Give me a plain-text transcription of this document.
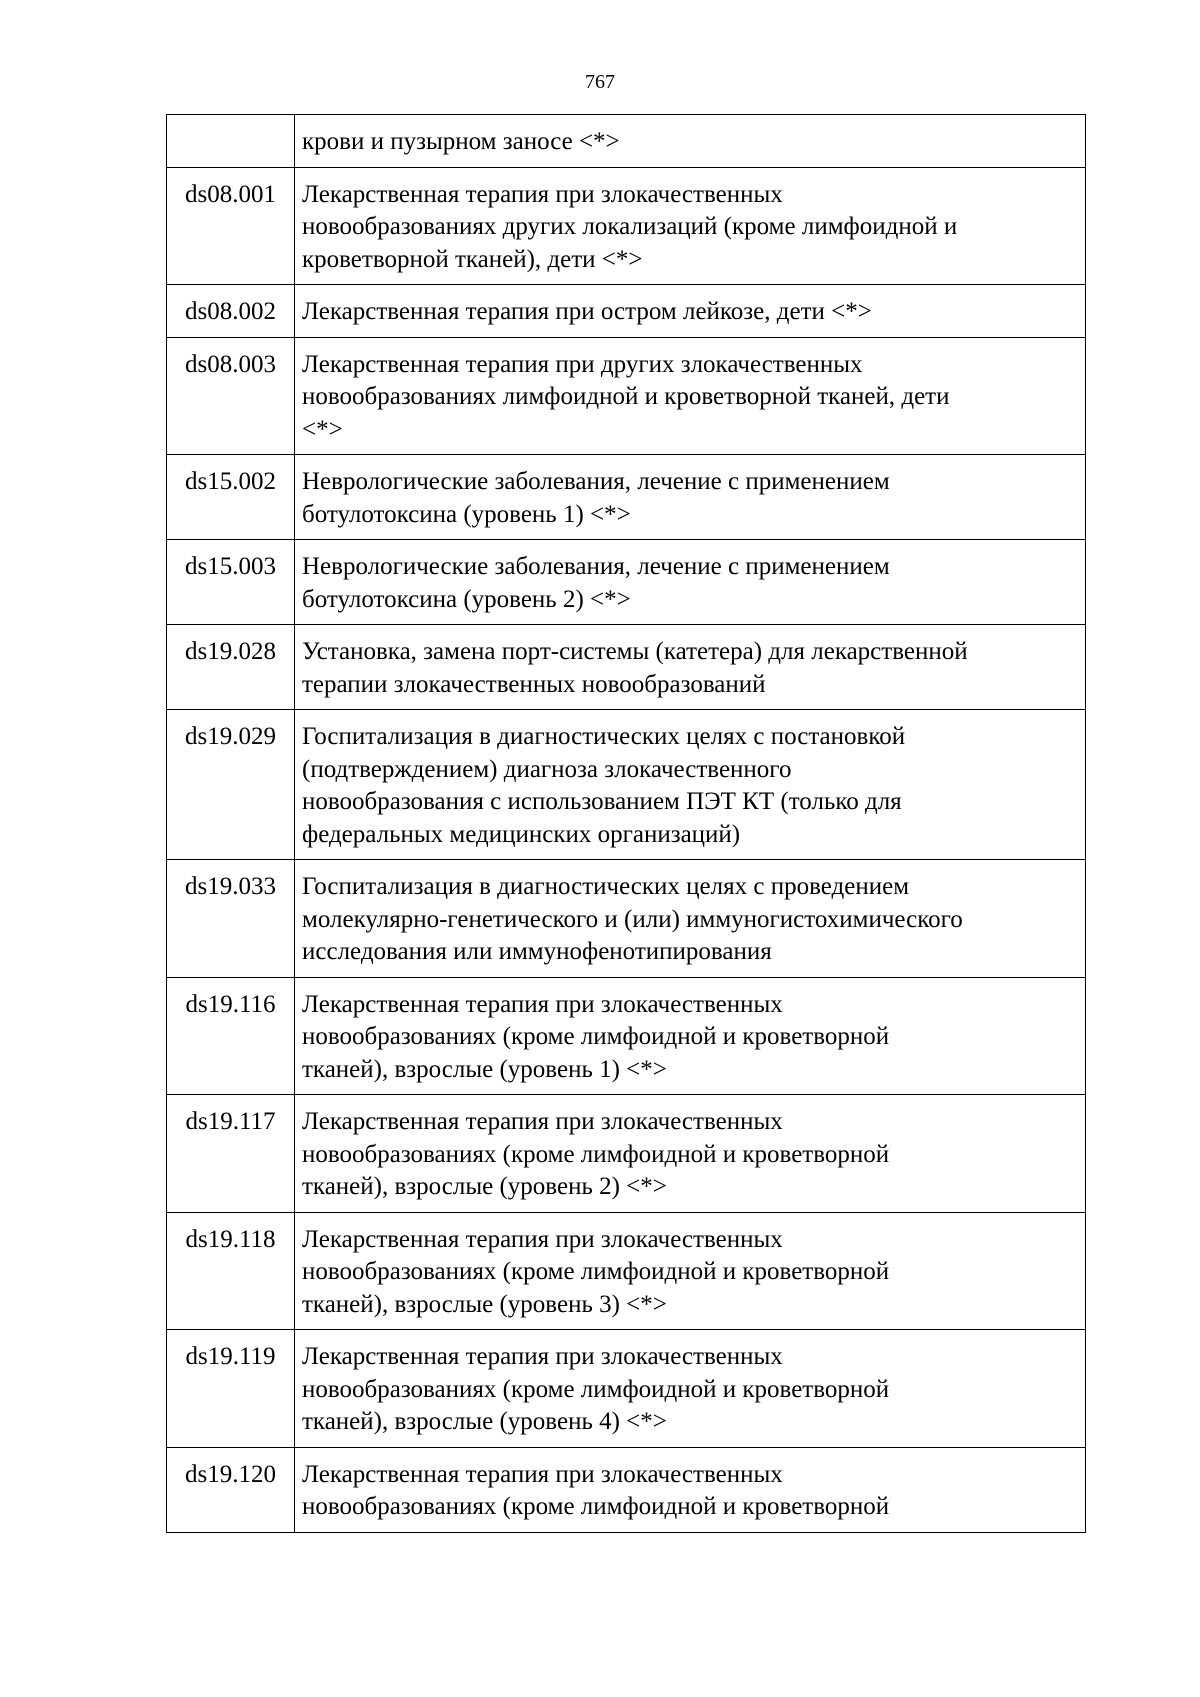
767

	крови и пузырном заносе <*>

ds08.001	Лекарственная терапия при злокачественных
новообразованиях других локализаций (кроме лимфоидной и
кроветворной тканей), дети <*>

ds08.002	Лекарственная терапия при остром лейкозе, дети <*>

ds08.003	Лекарственная терапия при других злокачественных
новообразованиях лимфоидной и кроветворной тканей, дети
<*>

ds15.002	Неврологические заболевания, лечение с применением
ботулотоксина (уровень 1) <*>

ds15.003	Неврологические заболевания, лечение с применением
ботулотоксина (уровень 2) <*>

ds19.028	Установка, замена порт-системы (катетера) для лекарственной
терапии злокачественных новообразований

ds19.029	Госпитализация в диагностических целях с постановкой
(подтверждением) диагноза злокачественного
новообразования с использованием ПЭТ КТ (только для
федеральных медицинских организаций)

ds19.033	Госпитализация в диагностических целях с проведением
молекулярно-генетического и (или) иммуногистохимического
исследования или иммунофенотипирования

ds19.116	Лекарственная терапия при злокачественных
новообразованиях (кроме лимфоидной и кроветворной
тканей), взрослые (уровень 1) <*>

ds19.117	Лекарственная терапия при злокачественных
новообразованиях (кроме лимфоидной и кроветворной
тканей), взрослые (уровень 2) <*>

ds19.118	Лекарственная терапия при злокачественных
новообразованиях (кроме лимфоидной и кроветворной
тканей), взрослые (уровень 3) <*>

ds19.119	Лекарственная терапия при злокачественных
новообразованиях (кроме лимфоидной и кроветворной
тканей), взрослые (уровень 4) <*>

ds19.120	Лекарственная терапия при злокачественных
новообразованиях (кроме лимфоидной и кроветворной
